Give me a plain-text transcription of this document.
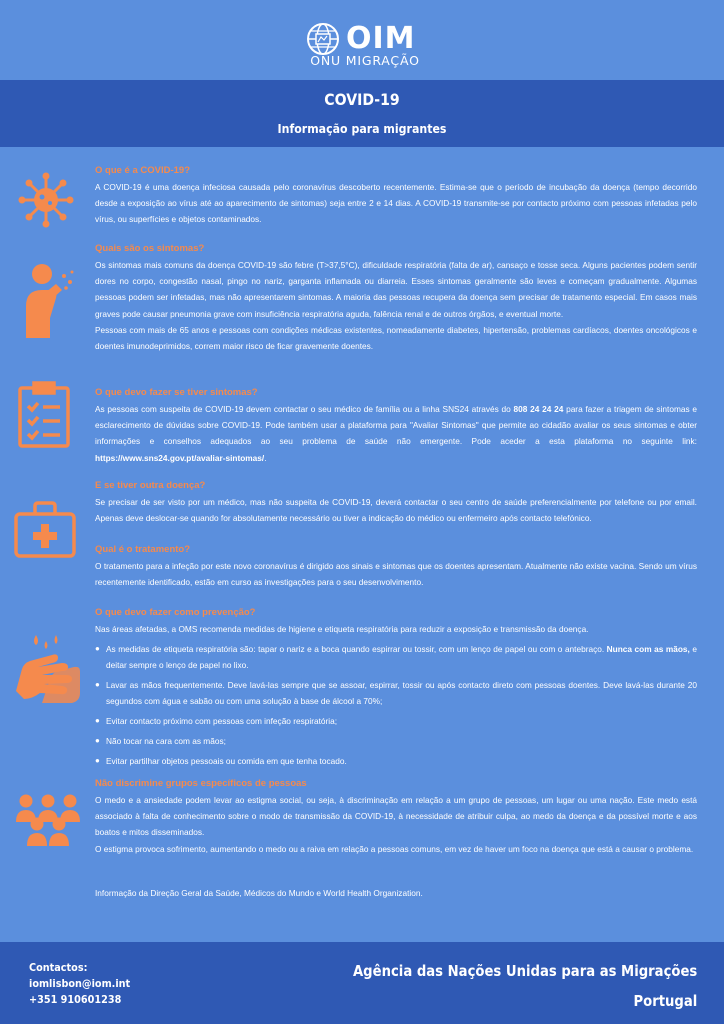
OIM
ONU MIGRAÇÃO
COVID-19
Informação para migrantes
O que é a COVID-19?

A COVID-19 é uma doença infeciosa causada pelo coronavírus descoberto recentemente. Estima-se que o período de incubação da doença (tempo decorrido desde a exposição ao vírus até ao aparecimento de sintomas) seja entre 2 e 14 dias. A COVID-19 transmite-se por contacto próximo com pessoas infetadas pelo vírus, ou superfícies e objetos contaminados.

Quais são os sintomas?

Os sintomas mais comuns da doença COVID-19 são febre (T>37,5°C), dificuldade respiratória (falta de ar), cansaço e tosse seca. Alguns pacientes podem sentir dores no corpo, congestão nasal, pingo no nariz, garganta inflamada ou diarreia. Esses sintomas geralmente são leves e começam gradualmente. Algumas pessoas podem ser infetadas, mas não apresentarem sintomas. A maioria das pessoas recupera da doença sem precisar de tratamento especial. Em casos mais graves pode causar pneumonia grave com insuficiência respiratória aguda, falência renal e de outros órgãos, e eventual morte.

Pessoas com mais de 65 anos e pessoas com condições médicas existentes, nomeadamente diabetes, hipertensão, problemas cardíacos, doentes oncológicos e doentes imunodeprimidos, correm maior risco de ficar gravemente doentes.

O que devo fazer se tiver sintomas?

As pessoas com suspeita de COVID-19 devem contactar o seu médico de família ou a linha SNS24 através do 808 24 24 24 para fazer a triagem de sintomas e esclarecimento de dúvidas sobre COVID-19. Pode também usar a plataforma para "Avaliar Sintomas" que permite ao cidadão avaliar os seus sintomas e obter informações e conselhos adequados ao seu problema de saúde não emergente. Pode aceder a esta plataforma no seguinte link: https://www.sns24.gov.pt/avaliar-sintomas/.

E se tiver outra doença?

Se precisar de ser visto por um médico, mas não suspeita de COVID-19, deverá contactar o seu centro de saúde preferencialmente por telefone ou por email. Apenas deve deslocar-se quando for absolutamente necessário ou tiver a indicação do médico ou enfermeiro após contacto telefónico.

Qual é o tratamento?

O tratamento para a infeção por este novo coronavírus é dirigido aos sinais e sintomas que os doentes apresentam. Atualmente não existe vacina. Sendo um vírus recentemente identificado, estão em curso as investigações para o seu desenvolvimento.

O que devo fazer como prevenção?

Nas áreas afetadas, a OMS recomenda medidas de higiene e etiqueta respiratória para reduzir a exposição e transmissão da doença.

● As medidas de etiqueta respiratória são: tapar o nariz e a boca quando espirrar ou tossir, com um lenço de papel ou com o antebraço. Nunca com as mãos, e deitar sempre o lenço de papel no lixo.
● Lavar as mãos frequentemente. Deve lavá-las sempre que se assoar, espirrar, tossir ou após contacto direto com pessoas doentes. Deve lavá-las durante 20 segundos com água e sabão ou com uma solução à base de álcool a 70%;
● Evitar contacto próximo com pessoas com infeção respiratória;
● Não tocar na cara com as mãos;
● Evitar partilhar objetos pessoais ou comida em que tenha tocado.
Não discrimine grupos específicos de pessoas

O medo e a ansiedade podem levar ao estigma social, ou seja, à discriminação em relação a um grupo de pessoas, um lugar ou uma nação. Este medo está associado à falta de conhecimento sobre o modo de transmissão da COVID-19, à necessidade de atribuir culpa, ao medo da doença e da possível morte e aos boatos e mitos disseminados.

O estigma provoca sofrimento, aumentando o medo ou a raiva em relação a pessoas comuns, em vez de haver um foco na doença que está a causar o problema.

Informação da Direção Geral da Saúde, Médicos do Mundo e World Health Organization.

Contactos:
iomlisbon@iom.int
+351 910601238
Agência das Nações Unidas para as Migrações
Portugal
